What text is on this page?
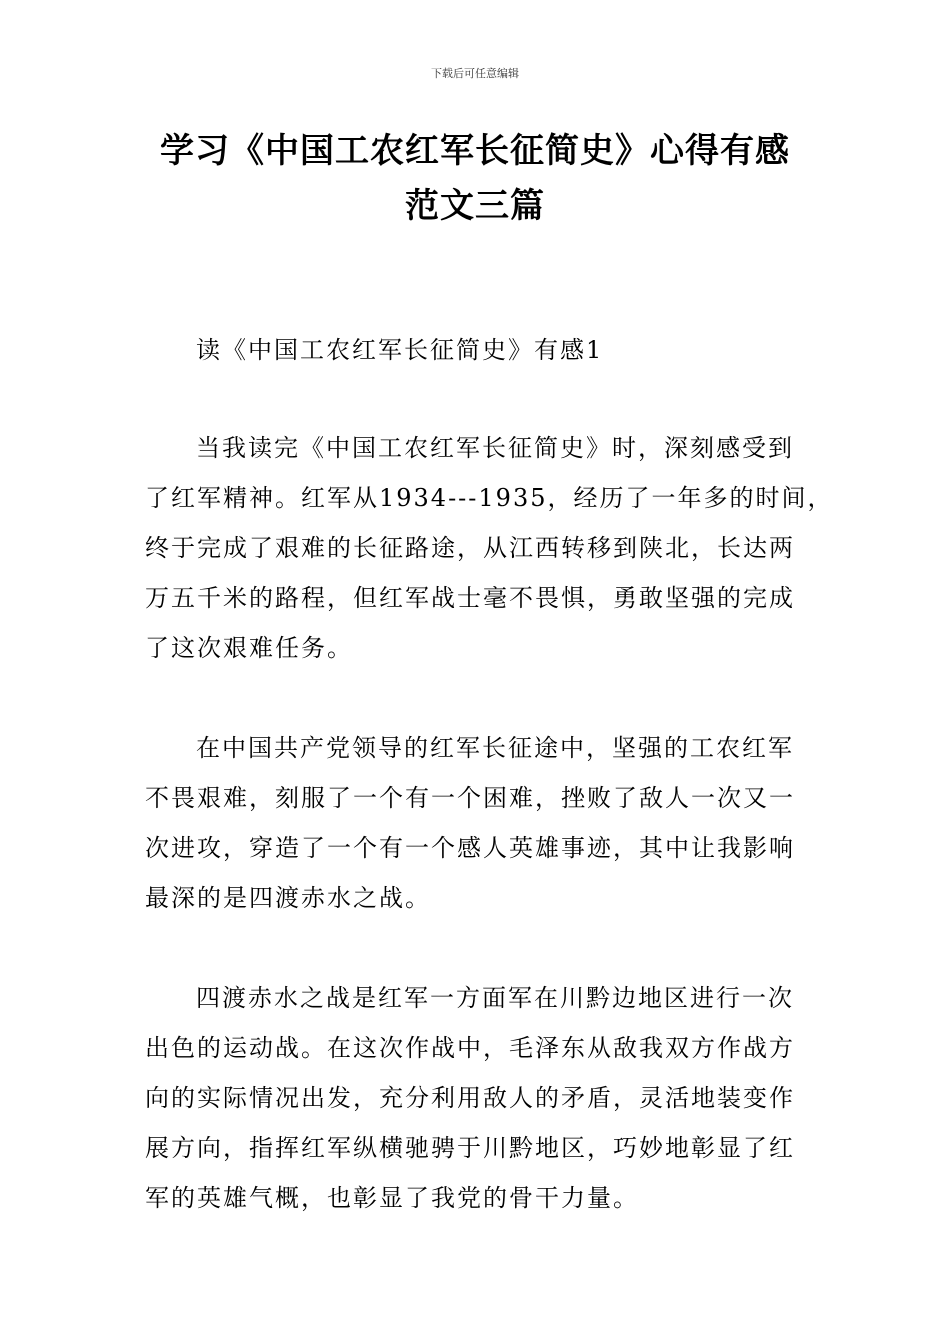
下载后可任意编辑
学习《中国工农红军长征简史》心得有感
范文三篇
读《中国工农红军长征简史》有感1
当我读完《中国工农红军长征简史》时，深刻感受到
了红军精神。红军从1934---1935，经历了一年多的时间，
终于完成了艰难的长征路途，从江西转移到陕北，长达两
万五千米的路程，但红军战士毫不畏惧，勇敢坚强的完成
了这次艰难任务。
在中国共产党领导的红军长征途中，坚强的工农红军
不畏艰难，刻服了一个有一个困难，挫败了敌人一次又一
次进攻，穿造了一个有一个感人英雄事迹，其中让我影响
最深的是四渡赤水之战。
四渡赤水之战是红军一方面军在川黔边地区进行一次
出色的运动战。在这次作战中，毛泽东从敌我双方作战方
向的实际情况出发，充分利用敌人的矛盾，灵活地装变作
展方向，指挥红军纵横驰骋于川黔地区，巧妙地彰显了红
军的英雄气概，也彰显了我党的骨干力量。
